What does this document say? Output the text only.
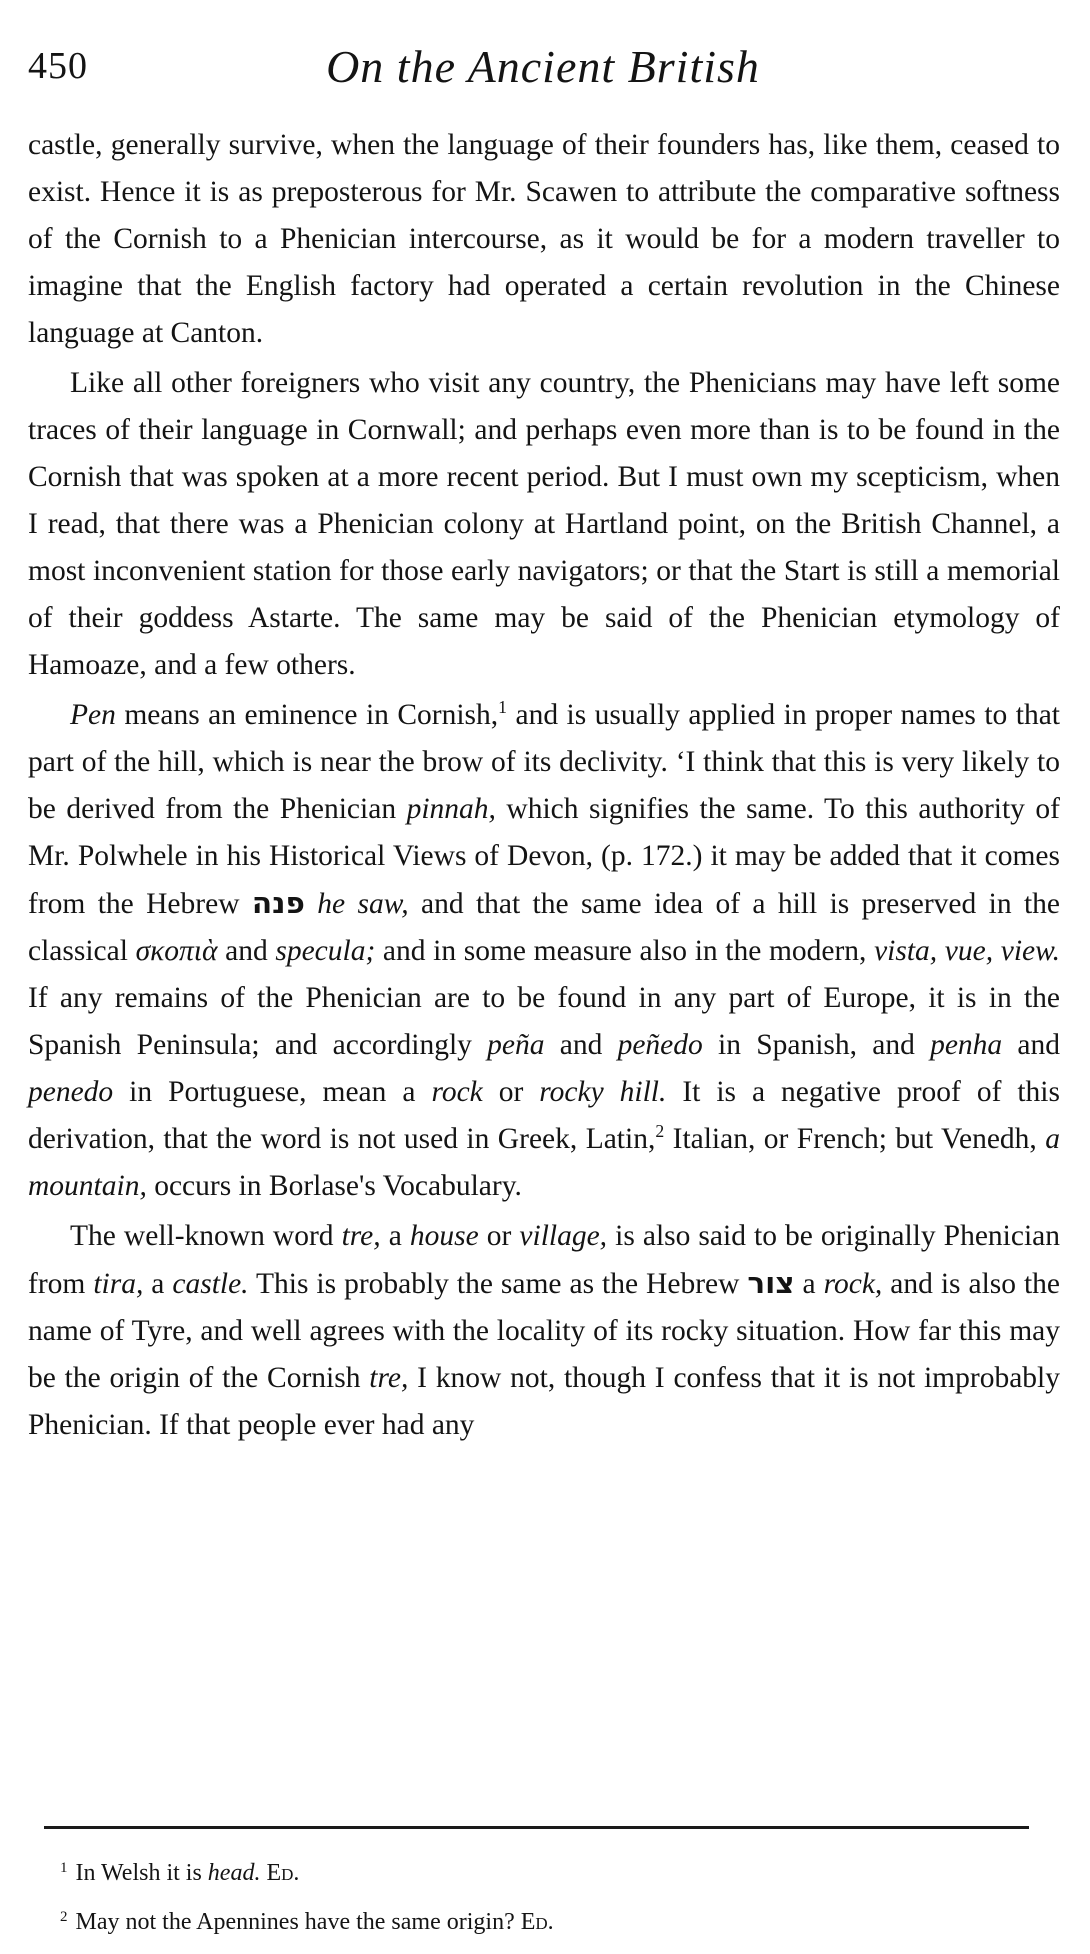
450	On the Ancient British

castle, generally survive, when the language of their founders has, like them, ceased to exist. Hence it is as preposterous for Mr. Scawen to attribute the comparative softness of the Cornish to a Phenician intercourse, as it would be for a modern traveller to imagine that the English factory had operated a certain revolution in the Chinese language at Canton.

Like all other foreigners who visit any country, the Phenicians may have left some traces of their language in Cornwall; and perhaps even more than is to be found in the Cornish that was spoken at a more recent period. But I must own my scepticism, when I read, that there was a Phenician colony at Hartland point, on the British Channel, a most inconvenient station for those early navigators; or that the Start is still a memorial of their goddess Astarte. The same may be said of the Phenician etymology of Hamoaze, and a few others.

Pen means an eminence in Cornish,$^1$ and is usually applied in proper names to that part of the hill, which is near the brow of its declivity. ‘I think that this is very likely to be derived from the Phenician pinnah, which signifies the same. To this authority of Mr. Polwhele in his Historical Views of Devon, (p. 172.) it may be added that it comes from the Hebrew פנה he saw, and that the same idea of a hill is preserved in the classical σκοπιὰ and specula; and in some measure also in the modern, vista, vue, view. If any remains of the Phenician are to be found in any part of Europe, it is in the Spanish Peninsula; and accordingly peña and peñedo in Spanish, and penha and penedo in Portuguese, mean a rock or rocky hill. It is a negative proof of this derivation, that the word is not used in Greek, Latin,$^2$ Italian, or French; but Venedh, a mountain, occurs in Borlase's Vocabulary.

The well-known word tre, a house or village, is also said to be originally Phenician from tira, a castle. This is probably the same as the Hebrew צור a rock, and is also the name of Tyre, and well agrees with the locality of its rocky situation. How far this may be the origin of the Cornish tre, I know not, though I confess that it is not improbably Phenician. If that people ever had any

$^1$ In Welsh it is head. Ed.
$^2$ May not the Apennines have the same origin? Ed.
